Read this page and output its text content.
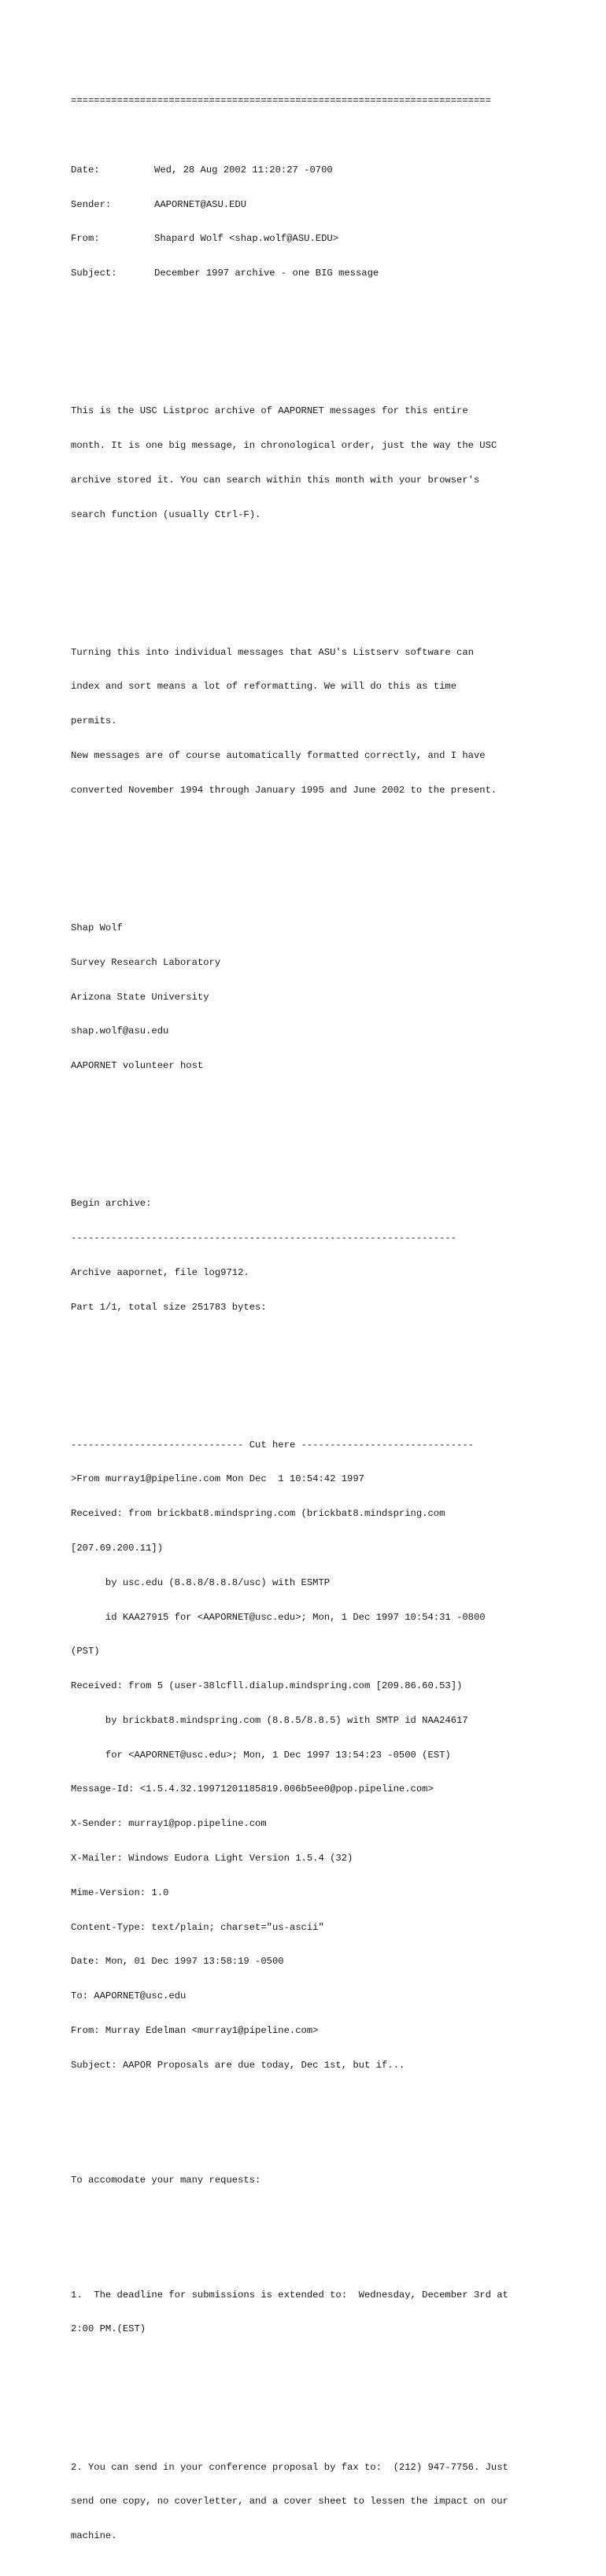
=========================================================================

Date:	Wed, 28 Aug 2002 11:20:27 -0700

Sender:	AAPORNET@ASU.EDU

From:	Shapard Wolf <shap.wolf@ASU.EDU>

Subject:	December 1997 archive - one BIG message

This is the USC Listproc archive of AAPORNET messages for this entire

month. It is one big message, in chronological order, just the way the USC

archive stored it. You can search within this month with your browser's

search function (usually Ctrl-F).

Turning this into individual messages that ASU's Listserv software can

index and sort means a lot of reformatting. We will do this as time

permits.

New messages are of course automatically formatted correctly, and I have

converted November 1994 through January 1995 and June 2002 to the present.

Shap Wolf

Survey Research Laboratory

Arizona State University

shap.wolf@asu.edu

AAPORNET volunteer host

Begin archive:

-------------------------------------------------------------------

Archive aapornet, file log9712.

Part 1/1, total size 251783 bytes:

------------------------------ Cut here ------------------------------

>From murray1@pipeline.com Mon Dec  1 10:54:42 1997

Received: from brickbat8.mindspring.com (brickbat8.mindspring.com

[207.69.200.11])

by usc.edu (8.8.8/8.8.8/usc) with ESMTP

id KAA27915 for <AAPORNET@usc.edu>; Mon, 1 Dec 1997 10:54:31 -0800

(PST)

Received: from 5 (user-38lcfll.dialup.mindspring.com [209.86.60.53])

by brickbat8.mindspring.com (8.8.5/8.8.5) with SMTP id NAA24617

for <AAPORNET@usc.edu>; Mon, 1 Dec 1997 13:54:23 -0500 (EST)

Message-Id: <1.5.4.32.19971201185819.006b5ee0@pop.pipeline.com>

X-Sender: murray1@pop.pipeline.com

X-Mailer: Windows Eudora Light Version 1.5.4 (32)

Mime-Version: 1.0

Content-Type: text/plain; charset="us-ascii"

Date: Mon, 01 Dec 1997 13:58:19 -0500

To: AAPORNET@usc.edu

From: Murray Edelman <murray1@pipeline.com>

Subject: AAPOR Proposals are due today, Dec 1st, but if...

To accomodate your many requests:

1.  The deadline for submissions is extended to:  Wednesday, December 3rd at

2:00 PM.(EST)

2. You can send in your conference proposal by fax to:  (212) 947-7756. Just

send one copy, no coverletter, and a cover sheet to lessen the impact on our

machine.
